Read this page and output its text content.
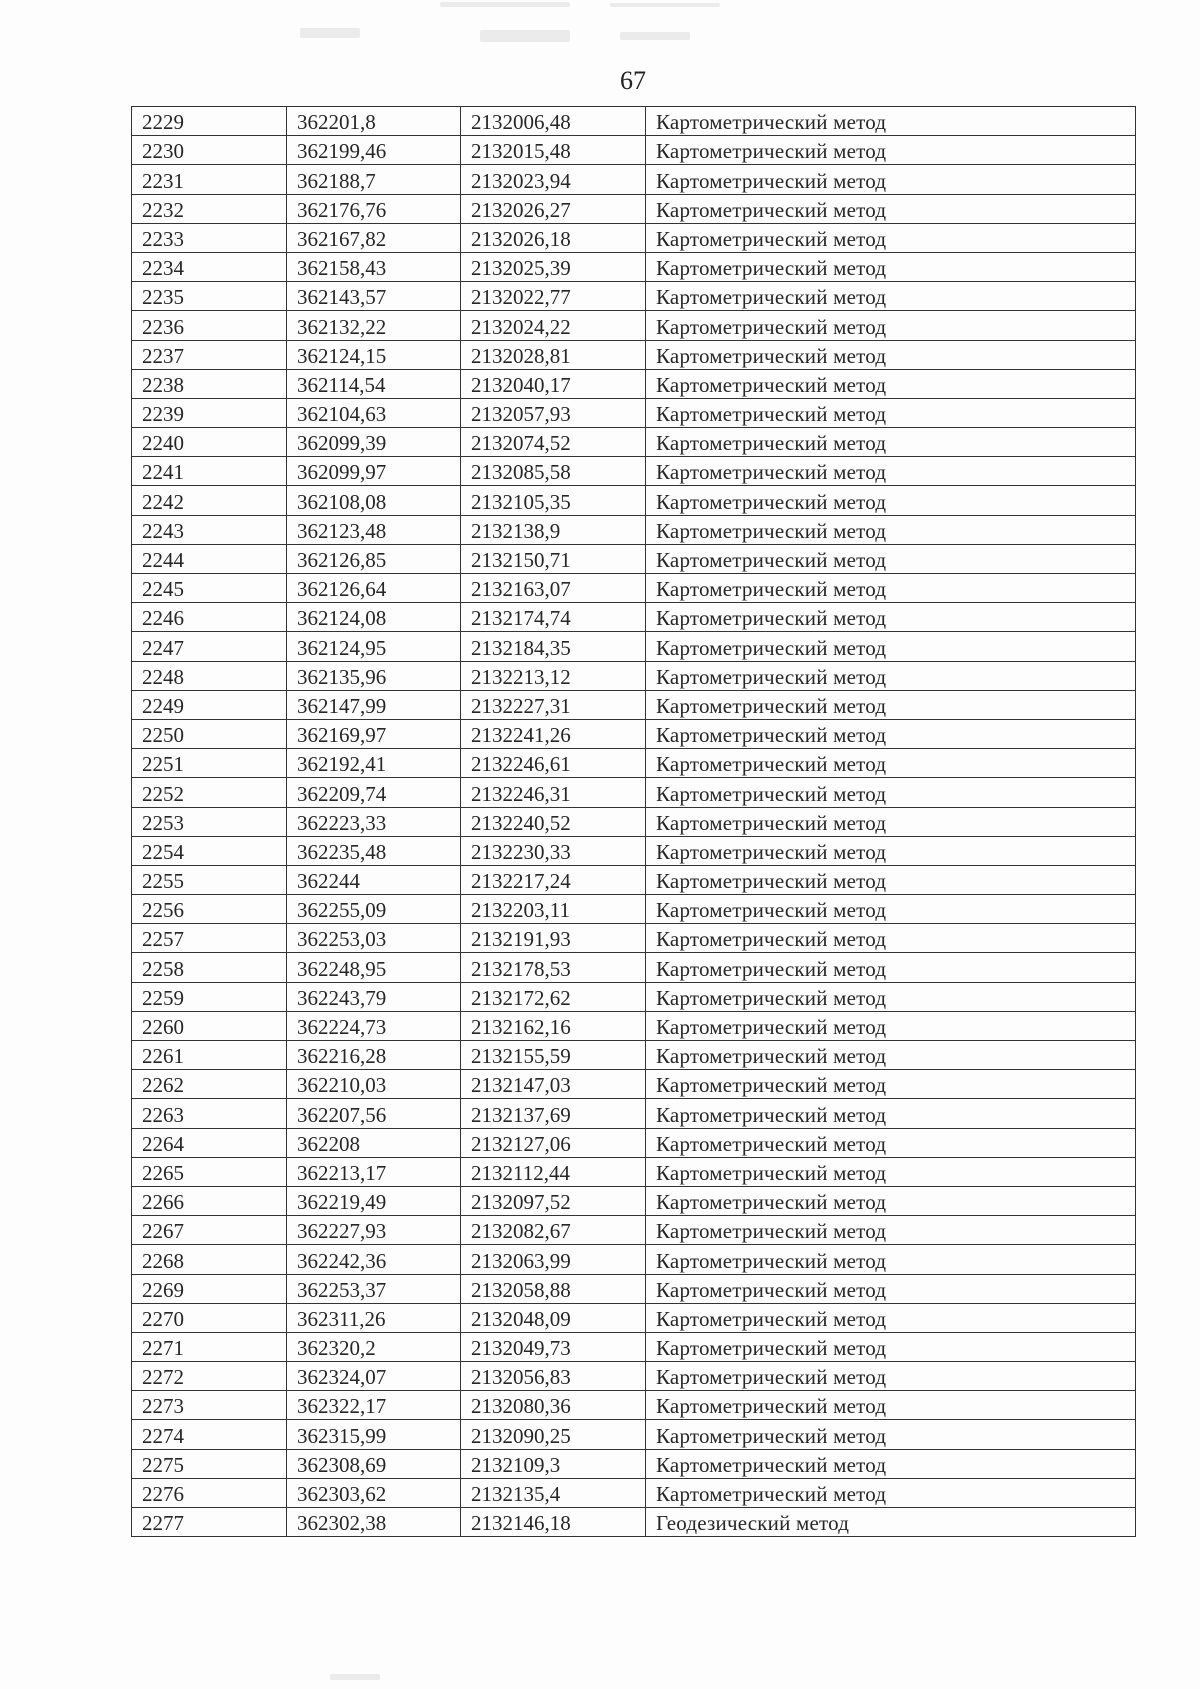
67
2229	362201,8	2132006,48	Картометрический метод
2230	362199,46	2132015,48	Картометрический метод
2231	362188,7	2132023,94	Картометрический метод
2232	362176,76	2132026,27	Картометрический метод
2233	362167,82	2132026,18	Картометрический метод
2234	362158,43	2132025,39	Картометрический метод
2235	362143,57	2132022,77	Картометрический метод
2236	362132,22	2132024,22	Картометрический метод
2237	362124,15	2132028,81	Картометрический метод
2238	362114,54	2132040,17	Картометрический метод
2239	362104,63	2132057,93	Картометрический метод
2240	362099,39	2132074,52	Картометрический метод
2241	362099,97	2132085,58	Картометрический метод
2242	362108,08	2132105,35	Картометрический метод
2243	362123,48	2132138,9	Картометрический метод
2244	362126,85	2132150,71	Картометрический метод
2245	362126,64	2132163,07	Картометрический метод
2246	362124,08	2132174,74	Картометрический метод
2247	362124,95	2132184,35	Картометрический метод
2248	362135,96	2132213,12	Картометрический метод
2249	362147,99	2132227,31	Картометрический метод
2250	362169,97	2132241,26	Картометрический метод
2251	362192,41	2132246,61	Картометрический метод
2252	362209,74	2132246,31	Картометрический метод
2253	362223,33	2132240,52	Картометрический метод
2254	362235,48	2132230,33	Картометрический метод
2255	362244	2132217,24	Картометрический метод
2256	362255,09	2132203,11	Картометрический метод
2257	362253,03	2132191,93	Картометрический метод
2258	362248,95	2132178,53	Картометрический метод
2259	362243,79	2132172,62	Картометрический метод
2260	362224,73	2132162,16	Картометрический метод
2261	362216,28	2132155,59	Картометрический метод
2262	362210,03	2132147,03	Картометрический метод
2263	362207,56	2132137,69	Картометрический метод
2264	362208	2132127,06	Картометрический метод
2265	362213,17	2132112,44	Картометрический метод
2266	362219,49	2132097,52	Картометрический метод
2267	362227,93	2132082,67	Картометрический метод
2268	362242,36	2132063,99	Картометрический метод
2269	362253,37	2132058,88	Картометрический метод
2270	362311,26	2132048,09	Картометрический метод
2271	362320,2	2132049,73	Картометрический метод
2272	362324,07	2132056,83	Картометрический метод
2273	362322,17	2132080,36	Картометрический метод
2274	362315,99	2132090,25	Картометрический метод
2275	362308,69	2132109,3	Картометрический метод
2276	362303,62	2132135,4	Картометрический метод
2277	362302,38	2132146,18	Геодезический метод
